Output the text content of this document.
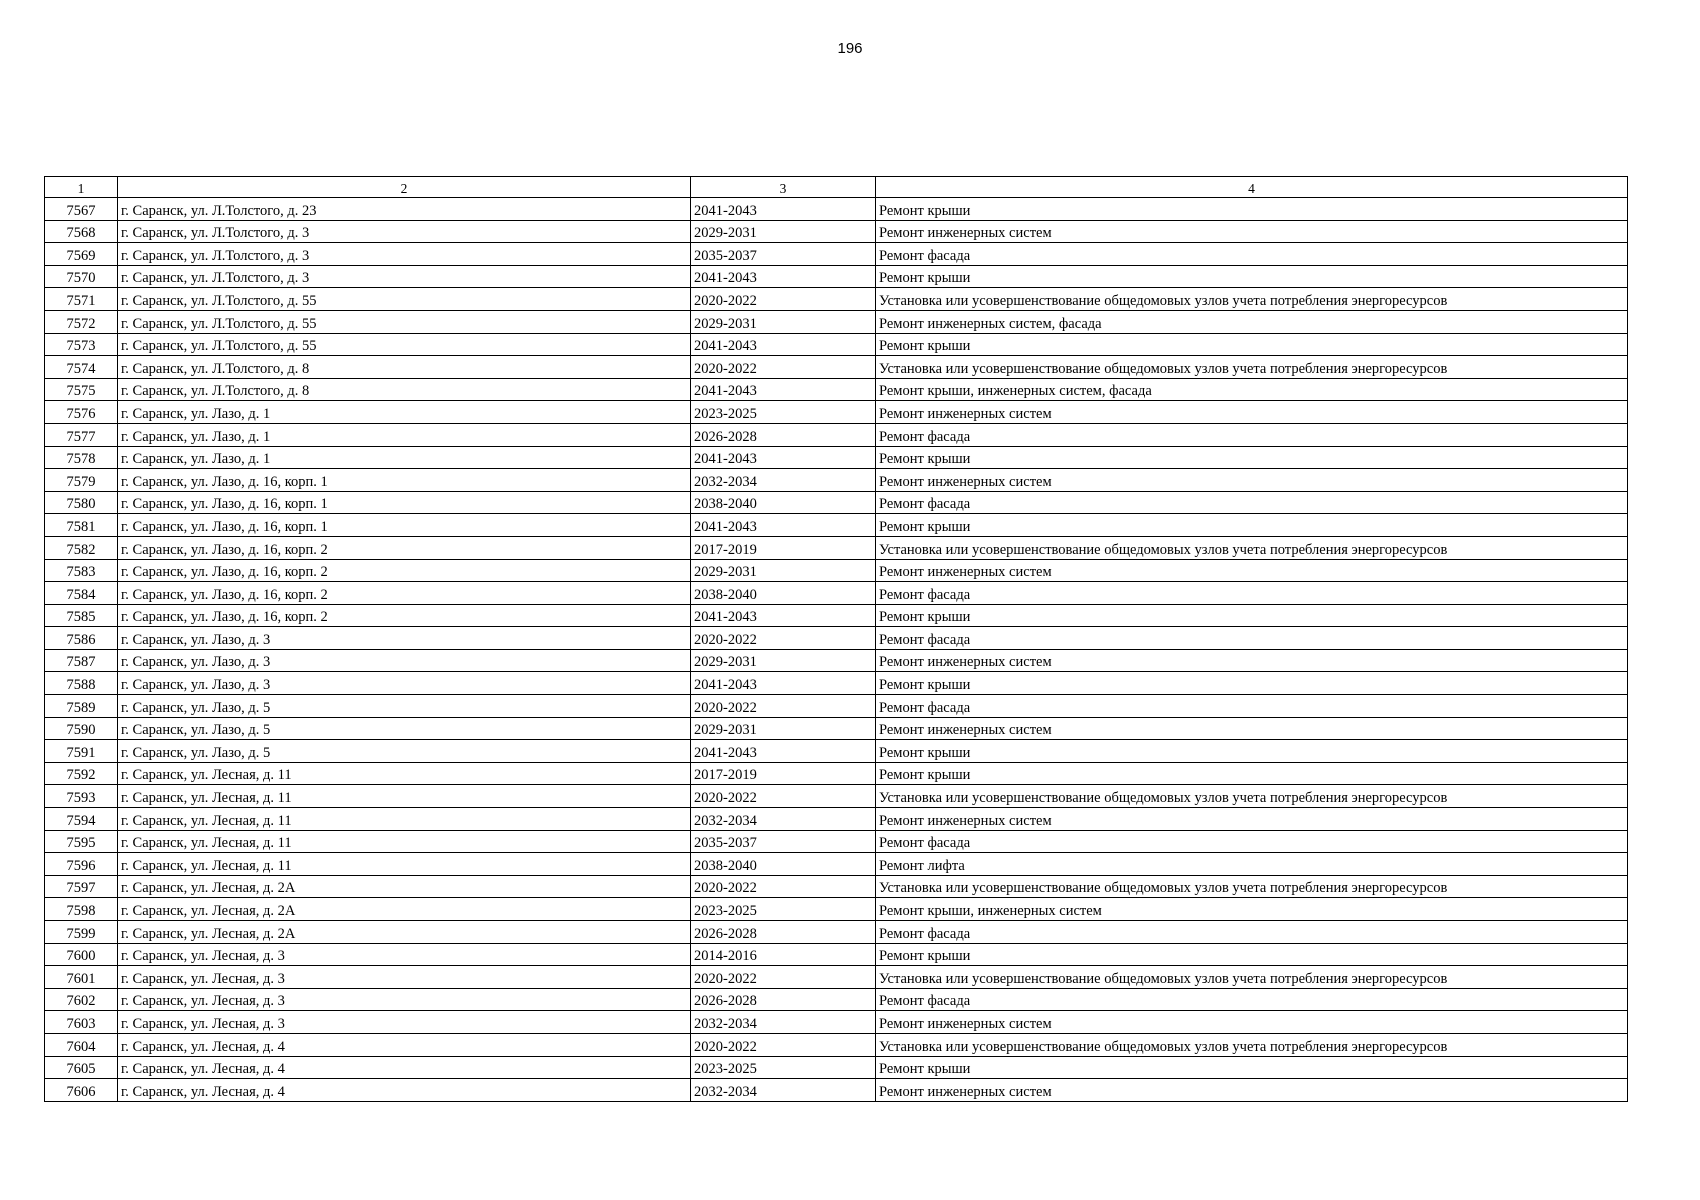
196
1	2	3	4
7567	г. Саранск, ул. Л.Толстого, д. 23	2041-2043	Ремонт крыши
7568	г. Саранск, ул. Л.Толстого, д. 3	2029-2031	Ремонт инженерных систем
7569	г. Саранск, ул. Л.Толстого, д. 3	2035-2037	Ремонт фасада
7570	г. Саранск, ул. Л.Толстого, д. 3	2041-2043	Ремонт крыши
7571	г. Саранск, ул. Л.Толстого, д. 55	2020-2022	Установка или усовершенствование общедомовых узлов учета потребления энергоресурсов
7572	г. Саранск, ул. Л.Толстого, д. 55	2029-2031	Ремонт инженерных систем, фасада
7573	г. Саранск, ул. Л.Толстого, д. 55	2041-2043	Ремонт крыши
7574	г. Саранск, ул. Л.Толстого, д. 8	2020-2022	Установка или усовершенствование общедомовых узлов учета потребления энергоресурсов
7575	г. Саранск, ул. Л.Толстого, д. 8	2041-2043	Ремонт крыши, инженерных систем, фасада
7576	г. Саранск, ул. Лазо, д. 1	2023-2025	Ремонт инженерных систем
7577	г. Саранск, ул. Лазо, д. 1	2026-2028	Ремонт фасада
7578	г. Саранск, ул. Лазо, д. 1	2041-2043	Ремонт крыши
7579	г. Саранск, ул. Лазо, д. 16, корп. 1	2032-2034	Ремонт инженерных систем
7580	г. Саранск, ул. Лазо, д. 16, корп. 1	2038-2040	Ремонт фасада
7581	г. Саранск, ул. Лазо, д. 16, корп. 1	2041-2043	Ремонт крыши
7582	г. Саранск, ул. Лазо, д. 16, корп. 2	2017-2019	Установка или усовершенствование общедомовых узлов учета потребления энергоресурсов
7583	г. Саранск, ул. Лазо, д. 16, корп. 2	2029-2031	Ремонт инженерных систем
7584	г. Саранск, ул. Лазо, д. 16, корп. 2	2038-2040	Ремонт фасада
7585	г. Саранск, ул. Лазо, д. 16, корп. 2	2041-2043	Ремонт крыши
7586	г. Саранск, ул. Лазо, д. 3	2020-2022	Ремонт фасада
7587	г. Саранск, ул. Лазо, д. 3	2029-2031	Ремонт инженерных систем
7588	г. Саранск, ул. Лазо, д. 3	2041-2043	Ремонт крыши
7589	г. Саранск, ул. Лазо, д. 5	2020-2022	Ремонт фасада
7590	г. Саранск, ул. Лазо, д. 5	2029-2031	Ремонт инженерных систем
7591	г. Саранск, ул. Лазо, д. 5	2041-2043	Ремонт крыши
7592	г. Саранск, ул. Лесная, д. 11	2017-2019	Ремонт крыши
7593	г. Саранск, ул. Лесная, д. 11	2020-2022	Установка или усовершенствование общедомовых узлов учета потребления энергоресурсов
7594	г. Саранск, ул. Лесная, д. 11	2032-2034	Ремонт инженерных систем
7595	г. Саранск, ул. Лесная, д. 11	2035-2037	Ремонт фасада
7596	г. Саранск, ул. Лесная, д. 11	2038-2040	Ремонт лифта
7597	г. Саранск, ул. Лесная, д. 2А	2020-2022	Установка или усовершенствование общедомовых узлов учета потребления энергоресурсов
7598	г. Саранск, ул. Лесная, д. 2А	2023-2025	Ремонт крыши, инженерных систем
7599	г. Саранск, ул. Лесная, д. 2А	2026-2028	Ремонт фасада
7600	г. Саранск, ул. Лесная, д. 3	2014-2016	Ремонт крыши
7601	г. Саранск, ул. Лесная, д. 3	2020-2022	Установка или усовершенствование общедомовых узлов учета потребления энергоресурсов
7602	г. Саранск, ул. Лесная, д. 3	2026-2028	Ремонт фасада
7603	г. Саранск, ул. Лесная, д. 3	2032-2034	Ремонт инженерных систем
7604	г. Саранск, ул. Лесная, д. 4	2020-2022	Установка или усовершенствование общедомовых узлов учета потребления энергоресурсов
7605	г. Саранск, ул. Лесная, д. 4	2023-2025	Ремонт крыши
7606	г. Саранск, ул. Лесная, д. 4	2032-2034	Ремонт инженерных систем
